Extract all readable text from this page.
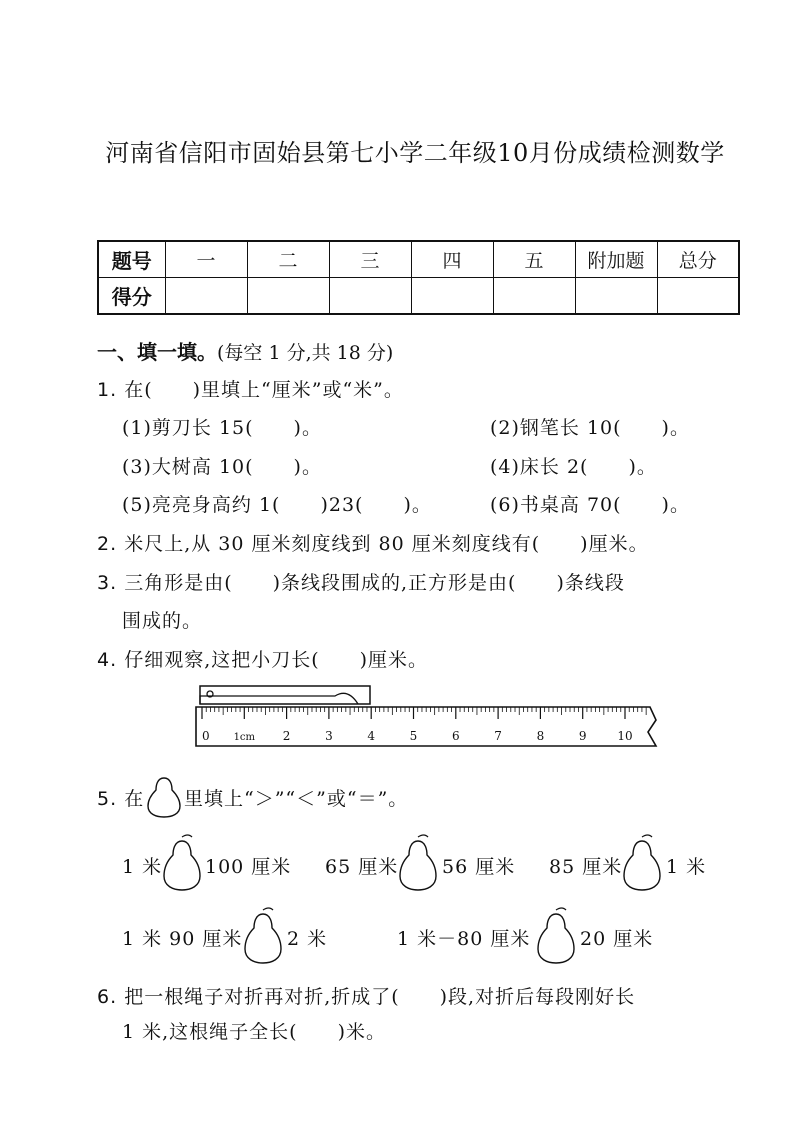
河南省信阳市固始县第七小学二年级10月份成绩检测数学
题号	一	二	三	四	五	附加题	总分
得分							
一、填一填。(每空 1 分,共 18 分)
1. 在(　　)里填上“厘米”或“米”。
(1)剪刀长 15(　　)。	(2)钢笔长 10(　　)。
(3)大树高 10(　　)。	(4)床长 2(　　)。
(5)亮亮身高约 1(　　)23(　　)。	(6)书桌高 70(　　)。
2. 米尺上,从 30 厘米刻度线到 80 厘米刻度线有(　　)厘米。
3. 三角形是由(　　)条线段围成的,正方形是由(　　)条线段
围成的。
4. 仔细观察,这把小刀长(　　)厘米。
0 1cm 2	3	4	5	6	7	8	9	10
5. 在 里填上“＞”“＜”或“＝”。
1 米 100 厘米 65 厘米 56 厘米 85 厘米 1 米
1 米 90 厘米 2 米	1 米－80 厘米	20 厘米
6. 把一根绳子对折再对折,折成了(　　)段,对折后每段刚好长
1 米,这根绳子全长(　　)米。
